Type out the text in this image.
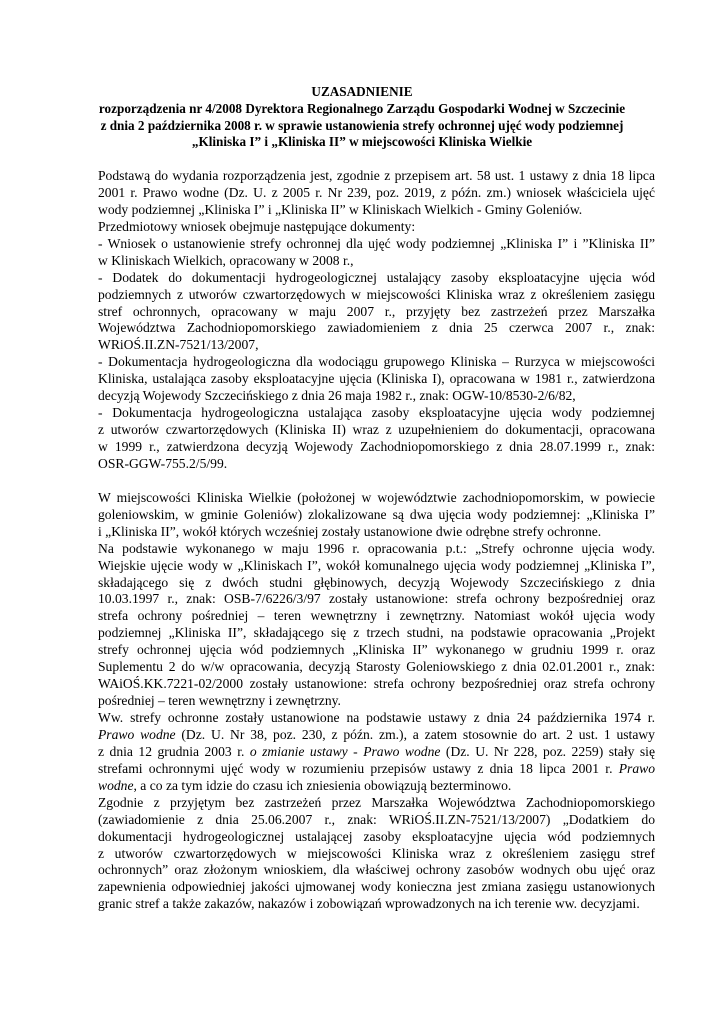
UZASADNIENIE
rozporządzenia nr 4/2008 Dyrektora Regionalnego Zarządu Gospodarki Wodnej w Szczecinie
z dnia 2 października 2008 r. w sprawie ustanowienia strefy ochronnej ujęć wody podziemnej
„Kliniska I” i „Kliniska II” w miejscowości Kliniska Wielkie
Podstawą do wydania rozporządzenia jest, zgodnie z przepisem art. 58 ust. 1 ustawy z dnia 18 lipca
2001 r. Prawo wodne (Dz. U. z 2005 r. Nr 239, poz. 2019, z późn. zm.) wniosek właściciela ujęć
wody podziemnej „Kliniska I” i „Kliniska II” w Kliniskach Wielkich - Gminy Goleniów.
Przedmiotowy wniosek obejmuje następujące dokumenty:
- Wniosek o ustanowienie strefy ochronnej dla ujęć wody podziemnej „Kliniska I” i ”Kliniska II”
w Kliniskach Wielkich, opracowany w 2008 r.,
- Dodatek do dokumentacji hydrogeologicznej ustalający zasoby eksploatacyjne ujęcia wód
podziemnych z utworów czwartorzędowych w miejscowości Kliniska wraz z określeniem zasięgu
stref ochronnych, opracowany w maju 2007 r., przyjęty bez zastrzeżeń przez Marszałka
Województwa Zachodniopomorskiego zawiadomieniem z dnia 25 czerwca 2007 r., znak:
WRiOŚ.II.ZN-7521/13/2007,
- Dokumentacja hydrogeologiczna dla wodociągu grupowego Kliniska – Rurzyca w miejscowości
Kliniska, ustalająca zasoby eksploatacyjne ujęcia (Kliniska I), opracowana w 1981 r., zatwierdzona
decyzją Wojewody Szczecińskiego z dnia 26 maja 1982 r., znak: OGW-10/8530-2/6/82,
- Dokumentacja hydrogeologiczna ustalająca zasoby eksploatacyjne ujęcia wody podziemnej
z utworów czwartorzędowych (Kliniska II) wraz z uzupełnieniem do dokumentacji, opracowana
w 1999 r., zatwierdzona decyzją Wojewody Zachodniopomorskiego z dnia 28.07.1999 r., znak:
OSR-GGW-755.2/5/99.
W miejscowości Kliniska Wielkie (położonej w województwie zachodniopomorskim, w powiecie
goleniowskim, w gminie Goleniów) zlokalizowane są dwa ujęcia wody podziemnej: „Kliniska I”
i „Kliniska II”, wokół których wcześniej zostały ustanowione dwie odrębne strefy ochronne.
Na podstawie wykonanego w maju 1996 r. opracowania p.t.: „Strefy ochronne ujęcia wody.
Wiejskie ujęcie wody w „Kliniskach I”, wokół komunalnego ujęcia wody podziemnej „Kliniska I”,
składającego się z dwóch studni głębinowych, decyzją Wojewody Szczecińskiego z dnia
10.03.1997 r., znak: OSB-7/6226/3/97 zostały ustanowione: strefa ochrony bezpośredniej oraz
strefa ochrony pośredniej – teren wewnętrzny i zewnętrzny. Natomiast wokół ujęcia wody
podziemnej „Kliniska II”, składającego się z trzech studni, na podstawie opracowania „Projekt
strefy ochronnej ujęcia wód podziemnych „Kliniska II” wykonanego w grudniu 1999 r. oraz
Suplementu 2 do w/w opracowania, decyzją Starosty Goleniowskiego z dnia 02.01.2001 r., znak:
WAiOŚ.KK.7221-02/2000 zostały ustanowione: strefa ochrony bezpośredniej oraz strefa ochrony
pośredniej – teren wewnętrzny i zewnętrzny.
Ww. strefy ochronne zostały ustanowione na podstawie ustawy z dnia 24 października 1974 r.
Prawo wodne (Dz. U. Nr 38, poz. 230, z późn. zm.), a zatem stosownie do art. 2 ust. 1 ustawy
z dnia 12 grudnia 2003 r. o zmianie ustawy - Prawo wodne (Dz. U. Nr 228, poz. 2259) stały się
strefami ochronnymi ujęć wody w rozumieniu przepisów ustawy z dnia 18 lipca 2001 r. Prawo
wodne, a co za tym idzie do czasu ich zniesienia obowiązują bezterminowo.
Zgodnie z przyjętym bez zastrzeżeń przez Marszałka Województwa Zachodniopomorskiego
(zawiadomienie z dnia 25.06.2007 r., znak: WRiOŚ.II.ZN-7521/13/2007) „Dodatkiem do
dokumentacji hydrogeologicznej ustalającej zasoby eksploatacyjne ujęcia wód podziemnych
z utworów czwartorzędowych w miejscowości Kliniska wraz z określeniem zasięgu stref
ochronnych” oraz złożonym wnioskiem, dla właściwej ochrony zasobów wodnych obu ujęć oraz
zapewnienia odpowiedniej jakości ujmowanej wody konieczna jest zmiana zasięgu ustanowionych
granic stref a także zakazów, nakazów i zobowiązań wprowadzonych na ich terenie ww. decyzjami.
